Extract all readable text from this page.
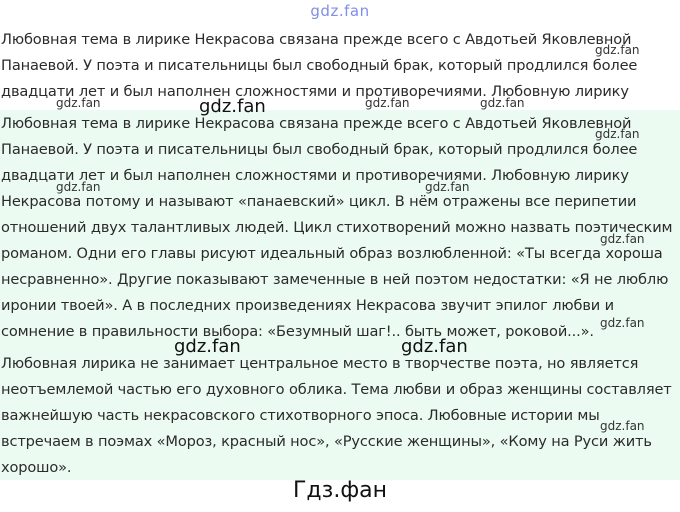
gdz.fan
Любовная тема в лирике Некрасова связана прежде всего с Авдотьей Яковлевной Панаевой. У поэта и писательницы был свободный брак, который продлился более двадцати лет и был наполнен сложностями и противоречиями. Любовную лирику
Любовная тема в лирике Некрасова связана прежде всего с Авдотьей Яковлевной Панаевой. У поэта и писательницы был свободный брак, который продлился более двадцати лет и был наполнен сложностями и противоречиями. Любовную лирику Некрасова потому и называют «панаевский» цикл. В нём отражены все перипетии отношений двух талантливых людей. Цикл стихотворений можно назвать поэтическим романом. Одни его главы рисуют идеальный образ возлюбленной: «Ты всегда хороша несравненно». Другие показывают замеченные в ней поэтом недостатки: «Я не люблю иронии твоей». А в последних произведениях Некрасова звучит эпилог любви и сомнение в правильности выбора: «Безумный шаг!.. быть может, роковой...».
Любовная лирика не занимает центральное место в творчестве поэта, но является неотъемлемой частью его духовного облика. Тема любви и образ женщины составляет важнейшую часть некрасовского стихотворного эпоса. Любовные истории мы встречаем в поэмах «Мороз, красный нос», «Русские женщины», «Кому на Руси жить хорошо».
gdz.fan
gdz.fan	gdz.fan	gdz.fan
gdz.fan
gdz.fan
gdz.fan	gdz.fan
gdz.fan
gdz.fan
gdz.fan	gdz.fan
gdz.fan
Гдз.фан
